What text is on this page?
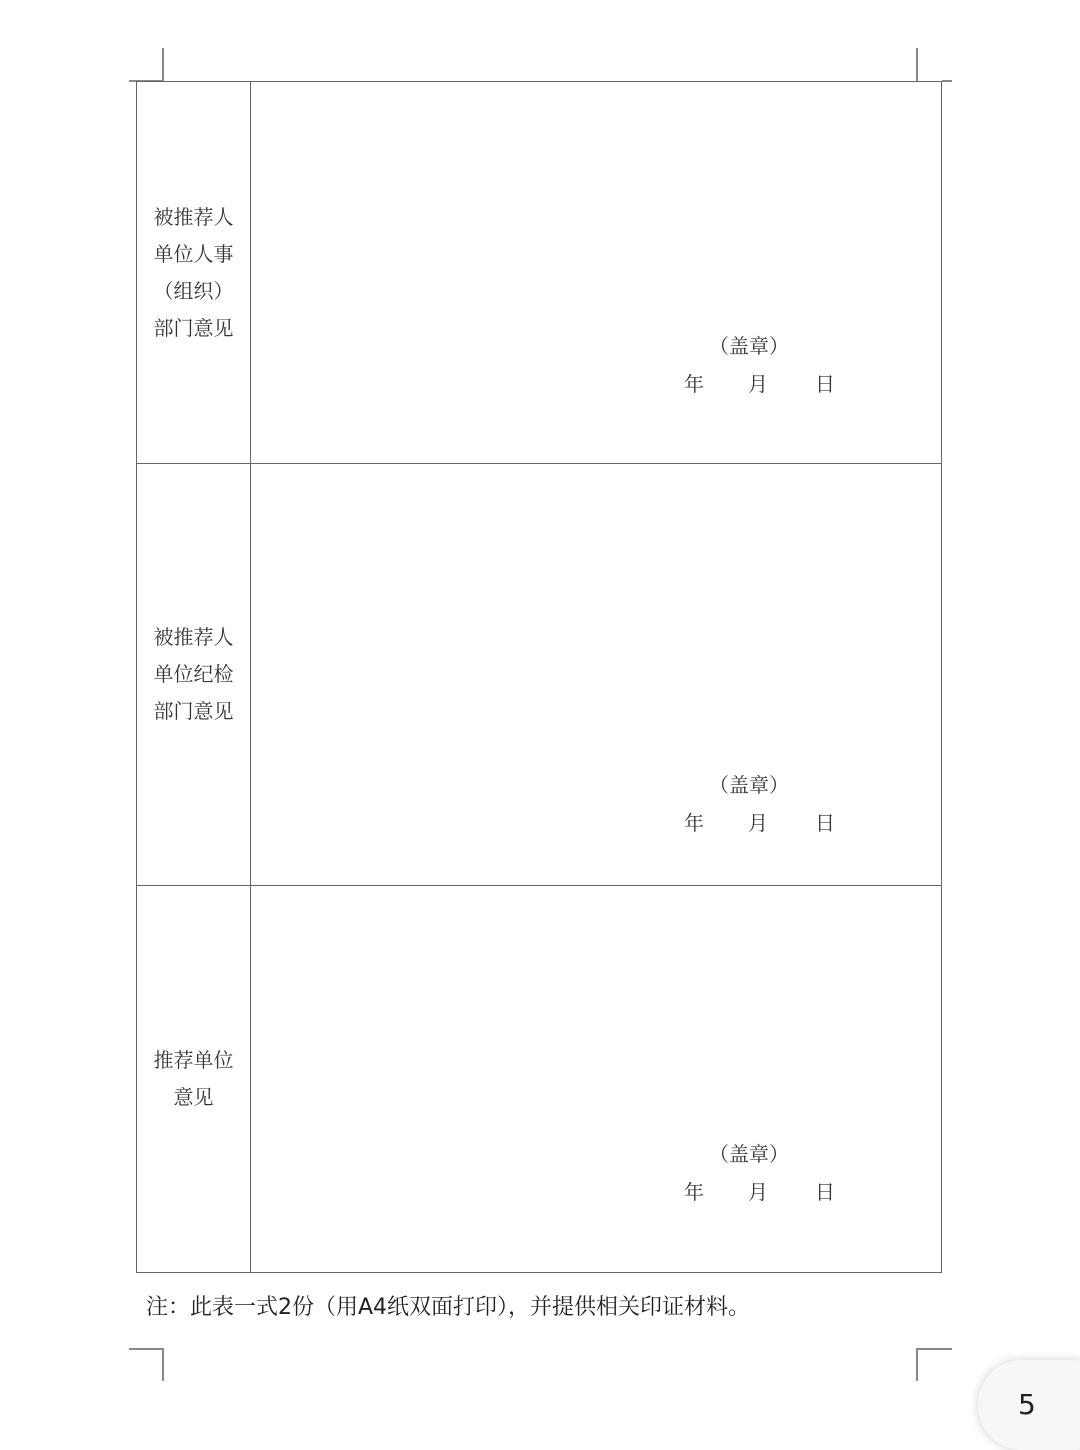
被推荐人
单位人事
（组织）
部门意见	（盖章）
年 月 日

被推荐人
单位纪检
部门意见	（盖章）
年 月 日

推荐单位
意见	（盖章）
年 月 日
注：此表一式2份（用A4纸双面打印），并提供相关印证材料。
5
